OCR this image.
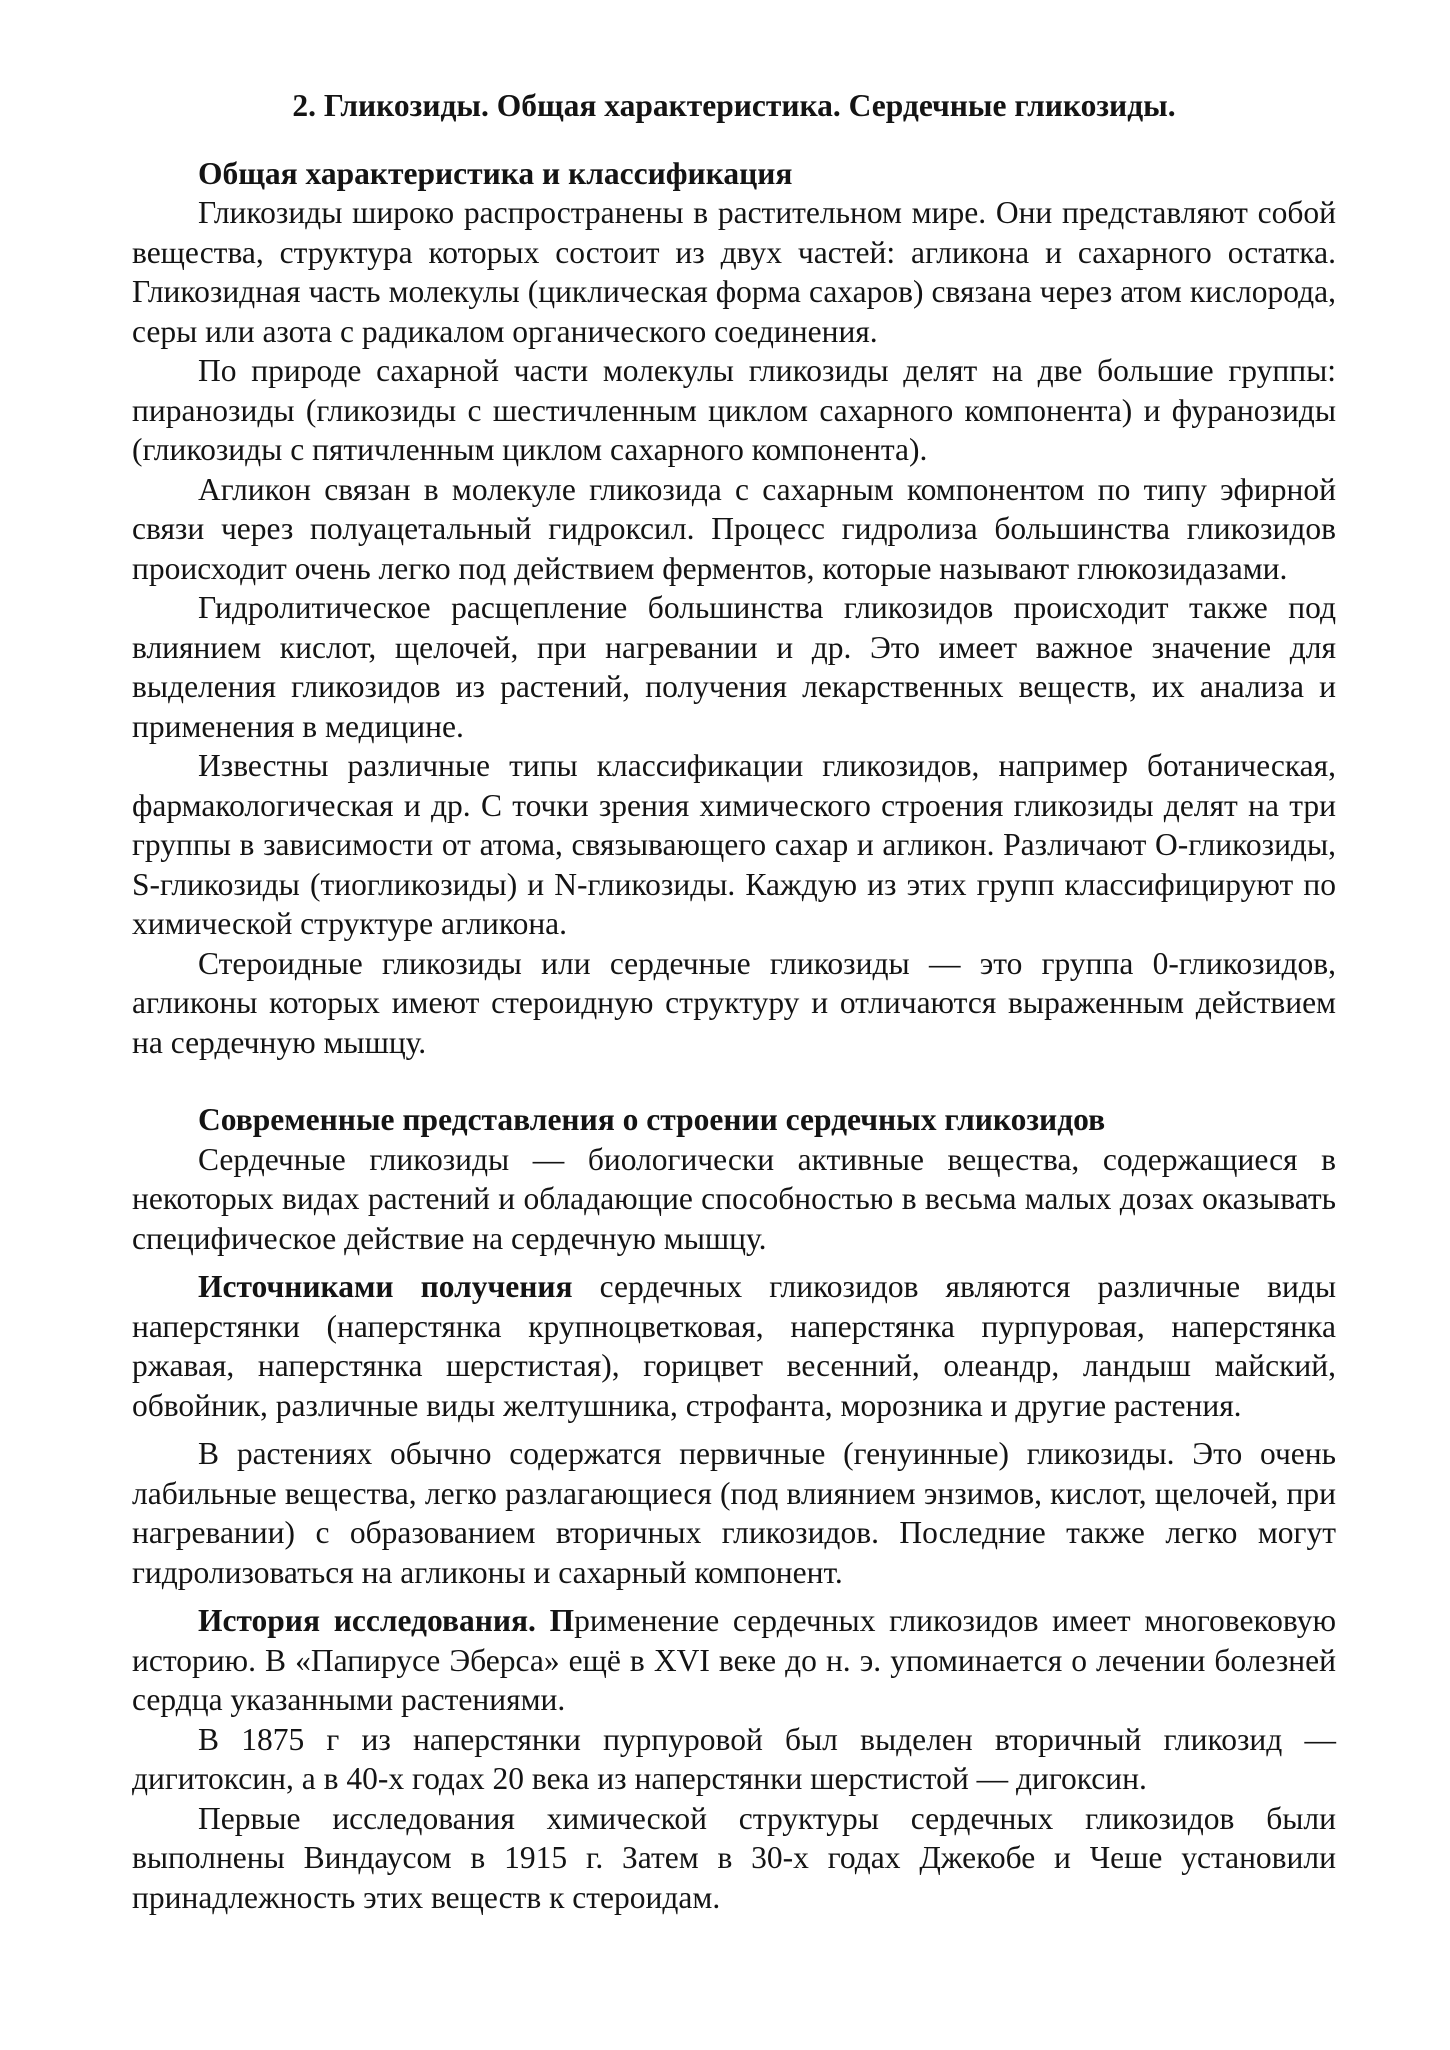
2. Гликозиды. Общая характеристика. Сердечные гликозиды.

Общая характеристика и классификация

Гликозиды широко распространены в растительном мире. Они представляют собой вещества, структура которых состоит из двух частей: агликона и сахарного остатка. Гликозидная часть молекулы (циклическая форма сахаров) связана через атом кислорода, серы или азота с радикалом органического соединения.

По природе сахарной части молекулы гликозиды делят на две большие группы: пиранозиды (гликозиды с шестичленным циклом сахарного компонента) и фуранозиды (гликозиды с пятичленным циклом сахарного компонента).

Агликон связан в молекуле гликозида с сахарным компонентом по типу эфирной связи через полуацетальный гидроксил. Процесс гидролиза большинства гликозидов происходит очень легко под действием ферментов, которые называют глюкозидазами.

Гидролитическое расщепление большинства гликозидов происходит также под влиянием кислот, щелочей, при нагревании и др. Это имеет важное значение для выделения гликозидов из растений, получения лекарственных веществ, их анализа и применения в медицине.

Известны различные типы классификации гликозидов, например ботаническая, фармакологическая и др. С точки зрения химического строения гликозиды делят на три группы в зависимости от атома, связывающего сахар и агликон. Различают O-гликозиды, S-гликозиды (тиогликозиды) и N-гликозиды. Каждую из этих групп классифицируют по химической структуре агликона.

Стероидные гликозиды или сердечные гликозиды — это группа 0-гликозидов, агликоны которых имеют стероидную структуру и отличаются выраженным действием на сердечную мышцу.

Современные представления о строении сердечных гликозидов

Сердечные гликозиды — биологически активные вещества, содержащиеся в некоторых видах растений и обладающие способностью в весьма малых дозах оказывать специфическое действие на сердечную мышцу.

Источниками получения сердечных гликозидов являются различные виды наперстянки (наперстянка крупноцветковая, наперстянка пурпуровая, наперстянка ржавая, наперстянка шерстистая), горицвет весенний, олеандр, ландыш майский, обвойник, различные виды желтушника, строфанта, морозника и другие растения.

В растениях обычно содержатся первичные (генуинные) гликозиды. Это очень лабильные вещества, легко разлагающиеся (под влиянием энзимов, кислот, щелочей, при нагревании) с образованием вторичных гликозидов. Последние также легко могут гидролизоваться на агликоны и сахарный компонент.

История исследования. Применение сердечных гликозидов имеет многовековую историю. В «Папирусе Эберса» ещё в XVI веке до н. э. упоминается о лечении болезней сердца указанными растениями.

В 1875 г из наперстянки пурпуровой был выделен вторичный гликозид — дигитоксин, а в 40-х годах 20 века из наперстянки шерстистой — дигоксин.

Первые исследования химической структуры сердечных гликозидов были выполнены Виндаусом в 1915 г. Затем в 30-х годах Джекобе и Чеше установили принадлежность этих веществ к стероидам.
